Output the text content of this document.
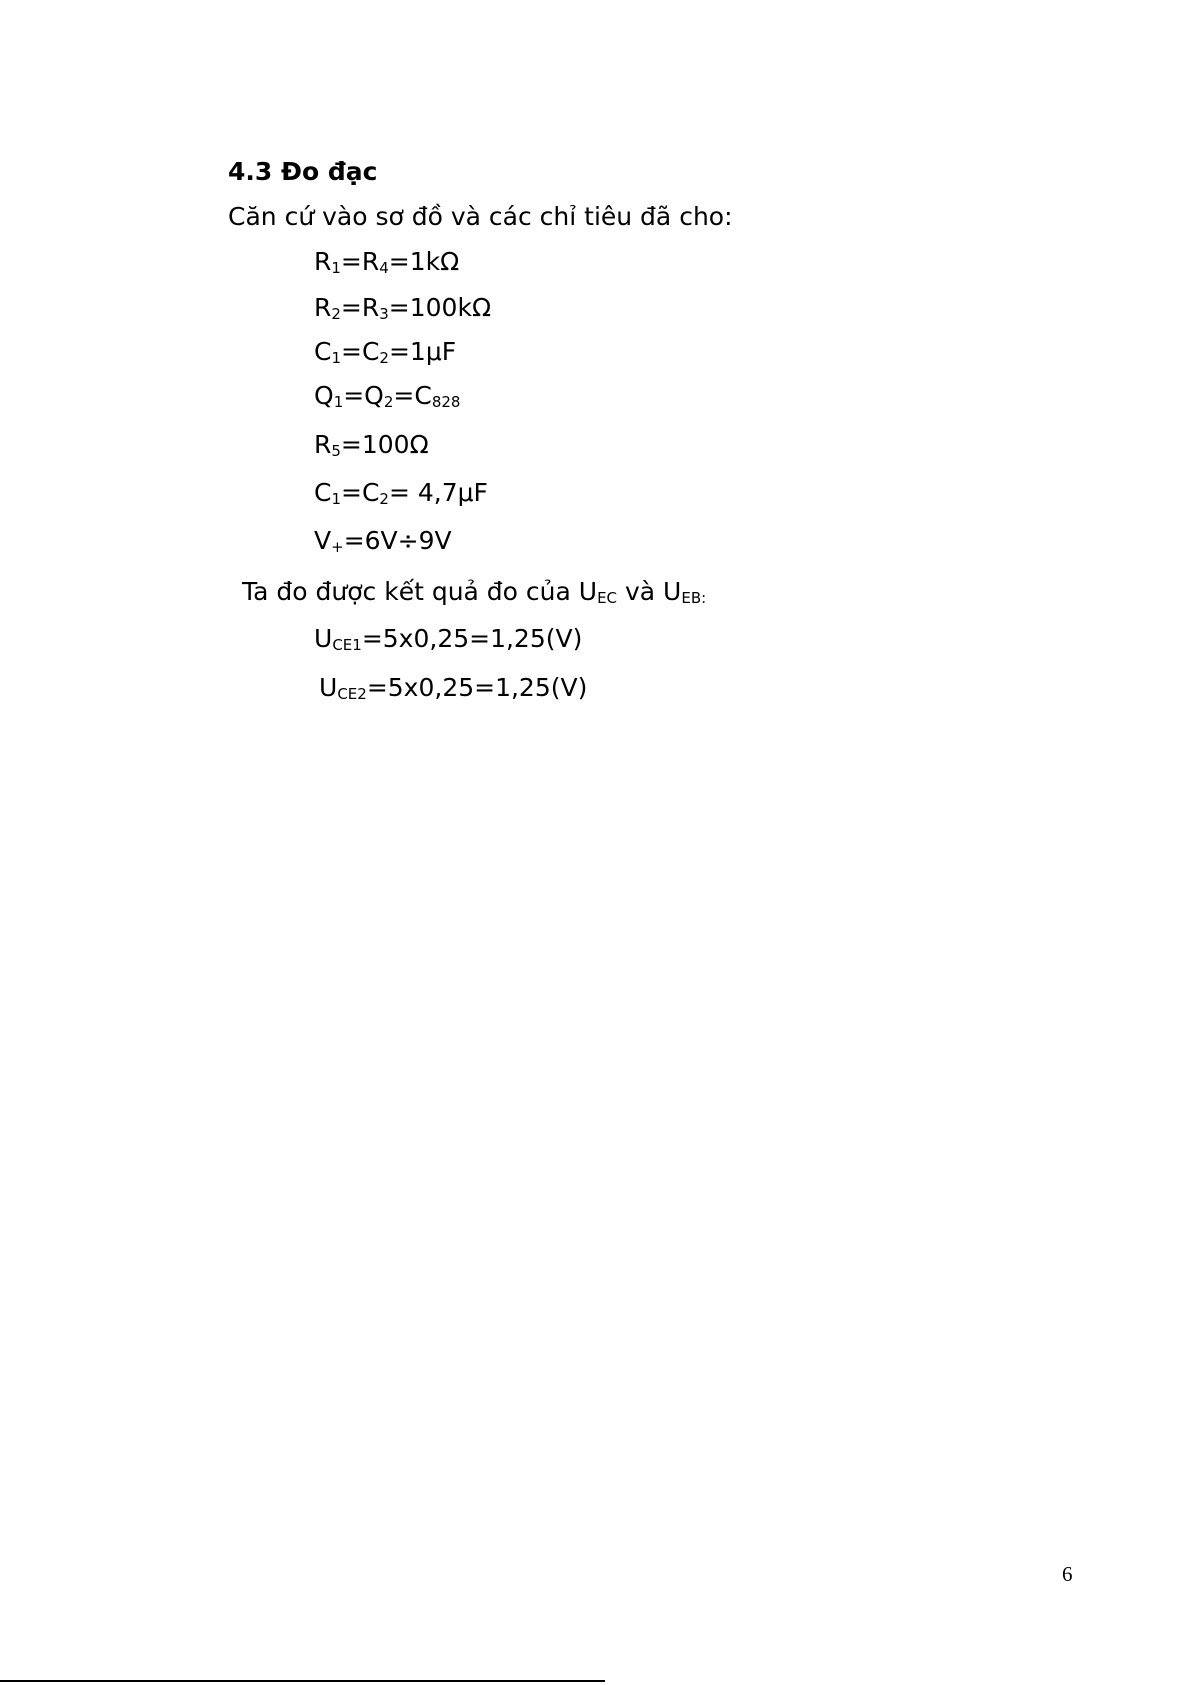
4.3 Đo đạc
Căn cứ vào sơ đồ và các chỉ tiêu đã cho:
$R_1=R_4=1k\Omega$
$R_2=R_3=100k\Omega$
$C_1=C_2=1\mu F$
$Q_1=Q_2=C_{828}$
$R_5=100\Omega$
$C_1=C_2= 4,7\mu F$
$V_+=6V\div 9V$
Ta đo được kết quả đo của $U_{EC}$ và $U_{EB:}$
$U_{CE1}=5x0,25=1,25(V)$
$U_{CE2}=5x0,25=1,25(V)$
6
